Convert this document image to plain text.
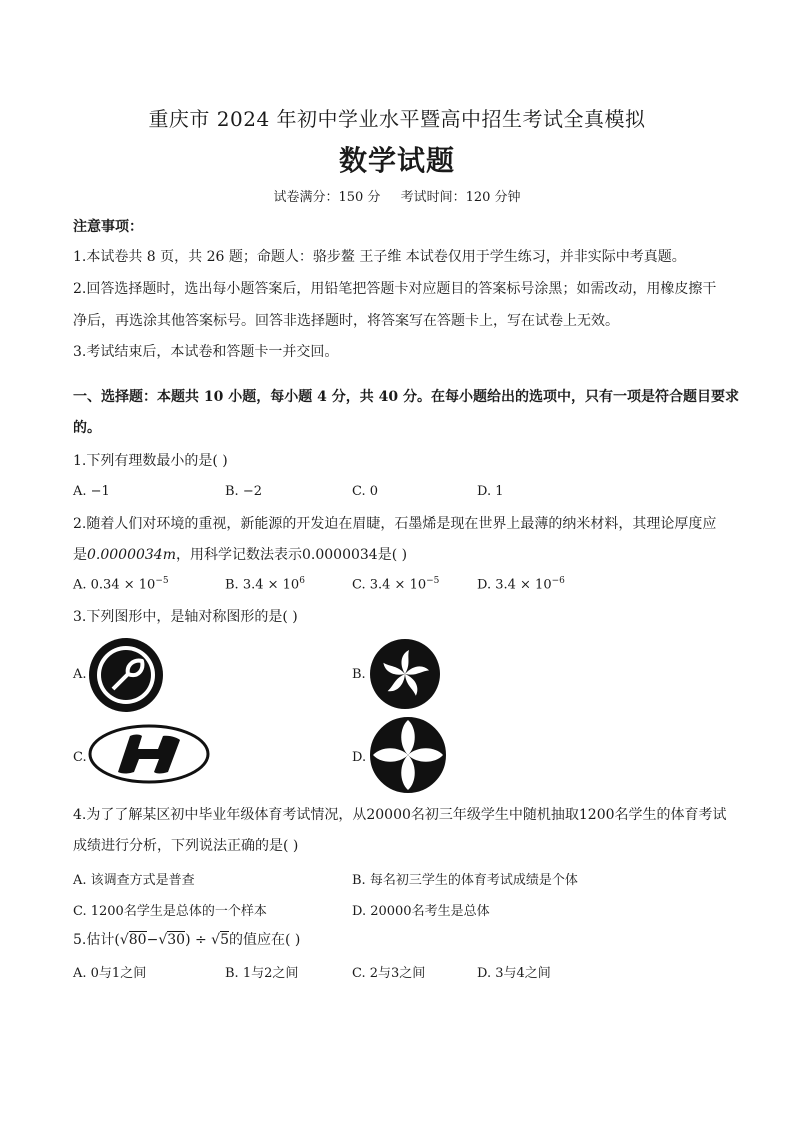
重庆市 2024 年初中学业水平暨高中招生考试全真模拟
数学试题
试卷满分：150 分 考试时间：120 分钟
注意事项：
1.本试卷共 8 页，共 26 题；命题人：骆步鳌 王子维 本试卷仅用于学生练习，并非实际中考真题。
2.回答选择题时，选出每小题答案后，用铅笔把答题卡对应题目的答案标号涂黑；如需改动，用橡皮擦干
净后，再选涂其他答案标号。回答非选择题时，将答案写在答题卡上，写在试卷上无效。
3.考试结束后，本试卷和答题卡一并交回。
一、选择题：本题共 10 小题，每小题 4 分，共 40 分。在每小题给出的选项中，只有一项是符合题目要求
的。
1.下列有理数最小的是( )
A. −1	B. −2	C. 0	D. 1
2.随着人们对环境的重视，新能源的开发迫在眉睫，石墨烯是现在世界上最薄的纳米材料，其理论厚度应
是0.0000034m，用科学记数法表示0.0000034是( )
A. $0.34 \times 10^{-5}$	B. $3.4 \times 10^6$	C. $3.4 \times 10^{-5}$	D. $3.4 \times 10^{-6}$
3.下列图形中，是轴对称图形的是( )
A.	B.
C.	D.
4.为了了解某区初中毕业年级体育考试情况，从20000名初三年级学生中随机抽取1200名学生的体育考试
成绩进行分析，下列说法正确的是( )
A. 该调查方式是普查	B. 每名初三学生的体育考试成绩是个体
C. 1200名学生是总体的一个样本	D. 20000名考生是总体
5.估计(√80−√30) ÷ √5的值应在( )
A. 0与1之间	B. 1与2之间	C. 2与3之间	D. 3与4之间
